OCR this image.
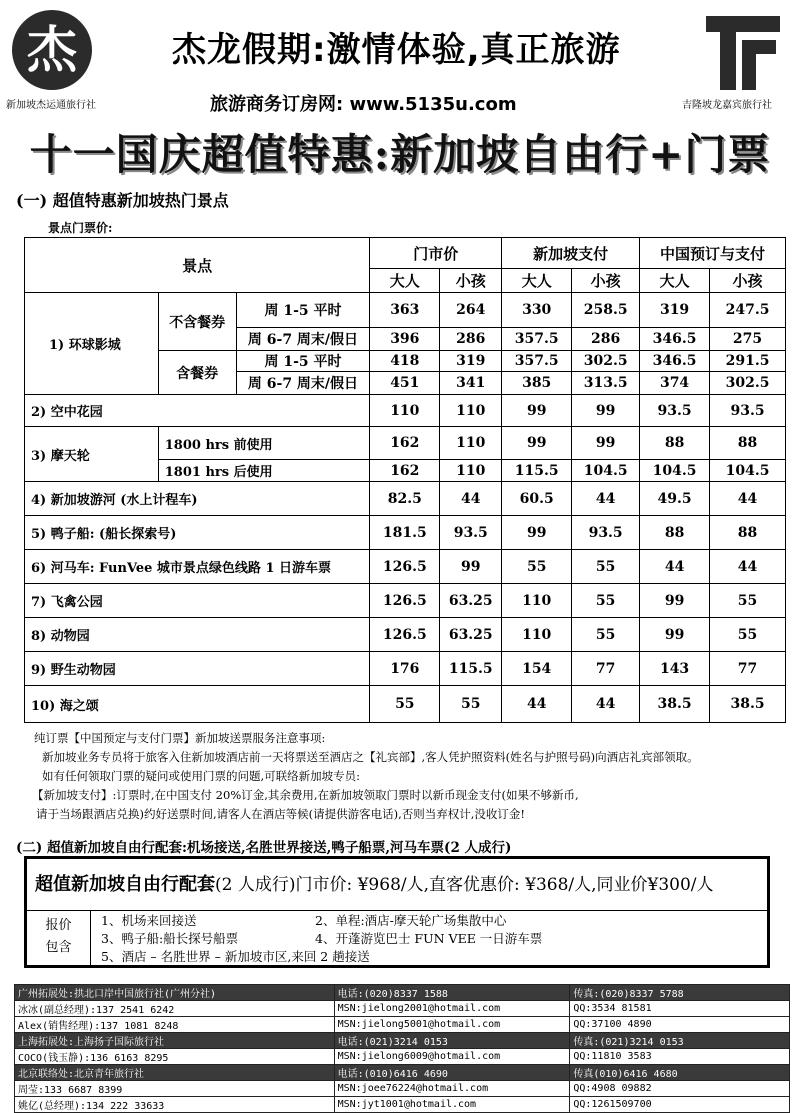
杰
新加坡杰运通旅行社
杰龙假期:激情体验,真正旅游
旅游商务订房网: www.5135u.com	吉隆坡龙嘉宾旅行社
十一国庆超值特惠:新加坡自由行+门票
(一) 超值特惠新加坡热门景点
景点门票价:
景点			门市价		新加坡支付		中国预订与支付	
			大人	小孩	大人	小孩	大人	小孩
1) 环球影城	不含餐券	周 1-5 平时	363	264	330	258.5	319	247.5
		周 6-7 周末/假日	396	286	357.5	286	346.5	275
	含餐券	周 1-5 平时	418	319	357.5	302.5	346.5	291.5
		周 6-7 周末/假日	451	341	385	313.5	374	302.5
2) 空中花园			110	110	99	99	93.5	93.5
3) 摩天轮	1800 hrs 前使用		162	110	99	99	88	88
	1801 hrs 后使用		162	110	115.5	104.5	104.5	104.5
4) 新加坡游河 (水上计程车)			82.5	44	60.5	44	49.5	44
5) 鸭子船: (船长探索号)			181.5	93.5	99	93.5	88	88
6) 河马车: FunVee 城市景点绿色线路 1 日游车票			126.5	99	55	55	44	44
7) 飞禽公园			126.5	63.25	110	55	99	55
8) 动物园			126.5	63.25	110	55	99	55
9) 野生动物园			176	115.5	154	77	143	77
10) 海之颂			55	55	44	44	38.5	38.5

纯订票【中国预定与支付门票】新加坡送票服务注意事项:

新加坡业务专员将于旅客入住新加坡酒店前一天将票送至酒店之【礼宾部】,客人凭护照资料(姓名与护照号码)向酒店礼宾部领取。

如有任何领取门票的疑问或使用门票的问题,可联络新加坡专员:

【新加坡支付】:订票时,在中国支付 20%订金,其余费用,在新加坡领取门票时以新币现金支付(如果不够新币,

请于当场跟酒店兑换)约好送票时间,请客人在酒店等候(请提供游客电话),否则当弃权计,没收订金!

(二) 超值新加坡自由行配套:机场接送,名胜世界接送,鸭子船票,河马车票(2 人成行)
超值新加坡自由行配套(2 人成行)门市价: ¥968/人,直客优惠价: ¥368/人,同业价¥300/人
报价
包含
1、机场来回接送	2、单程:酒店-摩天轮广场集散中心
3、鸭子船:船长探号船票	4、开蓬游览巴士 FUN VEE 一日游车票
5、酒店 – 名胜世界 – 新加坡市区,来回 2 趟接送
广州拓展处:拱北口岸中国旅行社(广州分社)	电话:(020)8337 1588	传真:(020)8337 5788
冰冰(副总经理):137 2541 6242	MSN:jielong2001@hotmail.com	QQ:3534 81581
Alex(销售经理):137 1081 8248	MSN:jielong5001@hotmail.com	QQ:37100 4890
上海拓展处:上海扬子国际旅行社	电话:(021)3214 0153	传真:(021)3214 0153
COCO(钱玉静):136 6163 8295	MSN:jielong6009@hotmail.com	QQ:11810 3583
北京联络处:北京青年旅行社	电话:(010)6416 4690	传真(010)6416 4680
周莹:133 6687 8399	MSN:joee76224@hotmail.com	QQ:4908 09882
姚亿(总经理):134 222 33633	MSN:jyt1001@hotmail.com	QQ:1261509700
